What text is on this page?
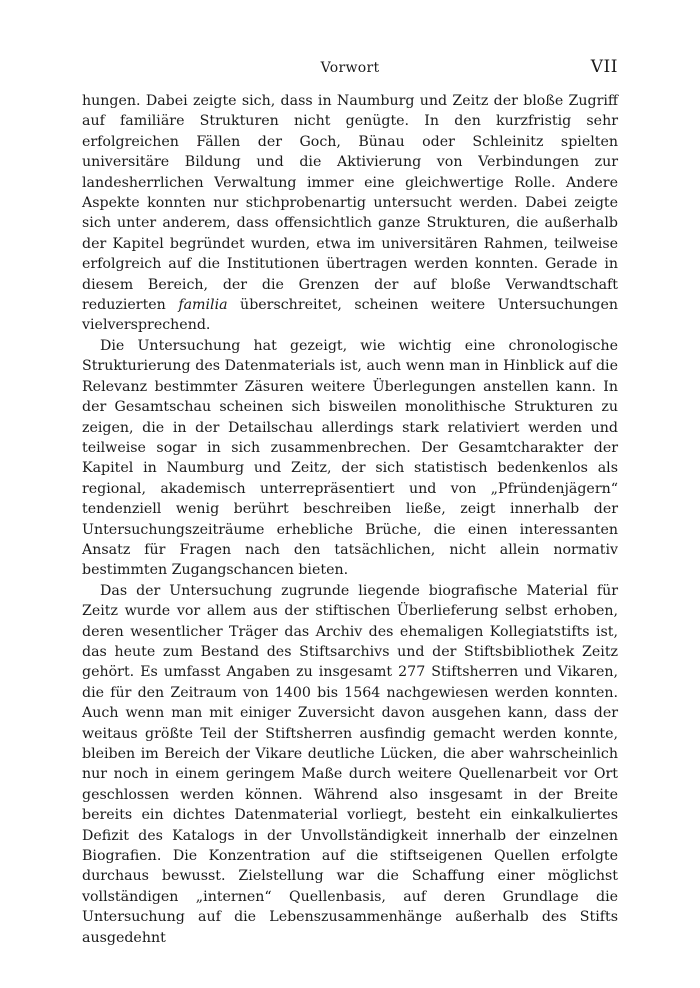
Vorwort	VII

hungen. Dabei zeigte sich, dass in Naumburg und Zeitz der bloße Zugriff auf familiäre Strukturen nicht genügte. In den kurzfristig sehr erfolgreichen Fällen der Goch, Bünau oder Schleinitz spielten universitäre Bildung und die Aktivierung von Verbindungen zur landesherrlichen Verwaltung immer eine gleichwertige Rolle. Andere Aspekte konnten nur stichprobenartig untersucht werden. Dabei zeigte sich unter anderem, dass offensichtlich ganze Strukturen, die außerhalb der Kapitel begründet wurden, etwa im universitären Rahmen, teilweise erfolgreich auf die Institutionen übertragen werden konnten. Gerade in diesem Bereich, der die Grenzen der auf bloße Verwandtschaft reduzierten familia überschreitet, scheinen weitere Untersuchungen vielversprechend.

Die Untersuchung hat gezeigt, wie wichtig eine chronologische Strukturierung des Datenmaterials ist, auch wenn man in Hinblick auf die Relevanz bestimmter Zäsuren weitere Überlegungen anstellen kann. In der Gesamtschau scheinen sich bisweilen monolithische Strukturen zu zeigen, die in der Detailschau allerdings stark relativiert werden und teilweise sogar in sich zusammenbrechen. Der Gesamtcharakter der Kapitel in Naumburg und Zeitz, der sich statistisch bedenkenlos als regional, akademisch unterrepräsentiert und von „Pfründenjägern“ tendenziell wenig berührt beschreiben ließe, zeigt innerhalb der Untersuchungszeiträume erhebliche Brüche, die einen interessanten Ansatz für Fragen nach den tatsächlichen, nicht allein normativ bestimmten Zugangschancen bieten.

Das der Untersuchung zugrunde liegende biografische Material für Zeitz wurde vor allem aus der stiftischen Überlieferung selbst erhoben, deren wesentlicher Träger das Archiv des ehemaligen Kollegiatstifts ist, das heute zum Bestand des Stiftsarchivs und der Stiftsbibliothek Zeitz gehört. Es umfasst Angaben zu insgesamt 277 Stiftsherren und Vikaren, die für den Zeitraum von 1400 bis 1564 nachgewiesen werden konnten. Auch wenn man mit einiger Zuversicht davon ausgehen kann, dass der weitaus größte Teil der Stiftsherren ausfindig gemacht werden konnte, bleiben im Bereich der Vikare deutliche Lücken, die aber wahrscheinlich nur noch in einem geringem Maße durch weitere Quellenarbeit vor Ort geschlossen werden können. Während also insgesamt in der Breite bereits ein dichtes Datenmaterial vorliegt, besteht ein einkalkuliertes Defizit des Katalogs in der Unvollständigkeit innerhalb der einzelnen Biografien. Die Konzentration auf die stiftseigenen Quellen erfolgte durchaus bewusst. Zielstellung war die Schaffung einer möglichst vollständigen „internen“ Quellenbasis, auf deren Grundlage die Untersuchung auf die Lebenszusammenhänge außerhalb des Stifts ausgedehnt
